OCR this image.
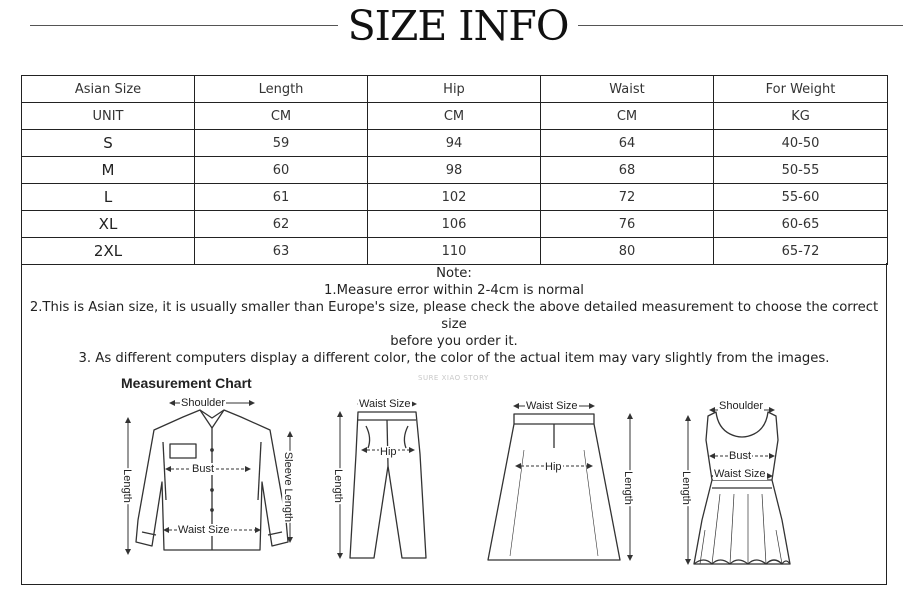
SIZE INFO
Asian Size	Length	Hip	Waist	For Weight
UNIT	CM	CM	CM	KG
S	59	94	64	40-50
M	60	98	68	50-55
L	61	102	72	55-60
XL	62	106	76	60-65
2XL	63	110	80	65-72
Note:
1.Measure error within 2-4cm is normal
2.This is Asian size, it is usually smaller than Europe's size, please check the above detailed measurement to choose the correct size
before you order it.
3. As different computers display a different color, the color of the actual item may vary slightly from the images.
Measurement Chart	SURE XIAO STORY
Shoulder
Bust
Waist Size
Length	Sleeve Length
Waist Size
Hip
Length
Waist Size
Hip
Length
Shoulder
Bust
Waist Size
Length
